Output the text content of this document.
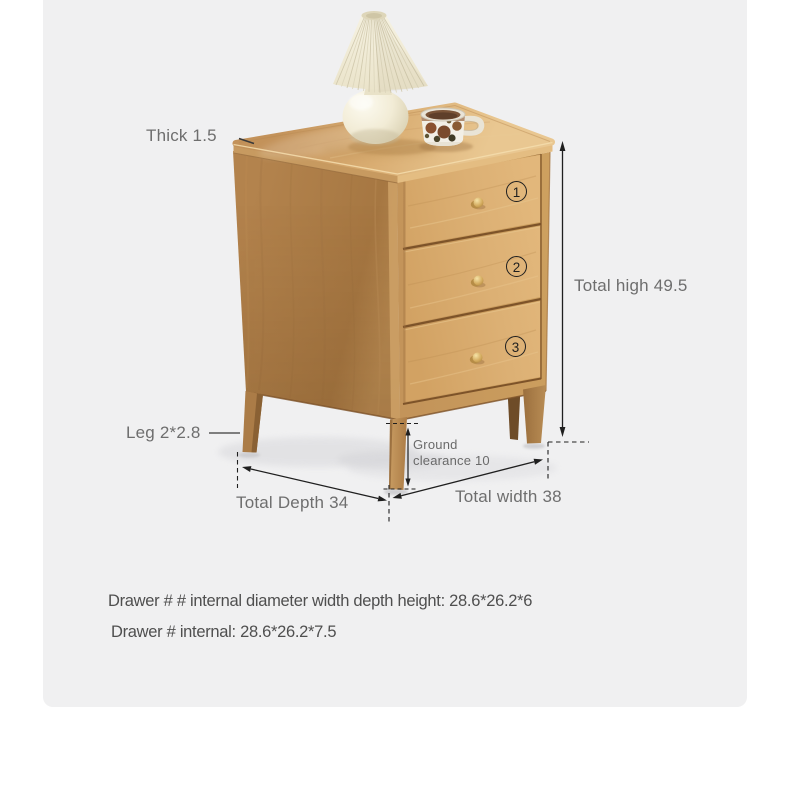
Thick 1.5
Total high 49.5
Leg 2*2.8
Ground clearance 10
Total Depth 34	Total width 38
1
2
3
Drawer # # internal diameter width depth height: 28.6*26.2*6
Drawer # internal: 28.6*26.2*7.5
